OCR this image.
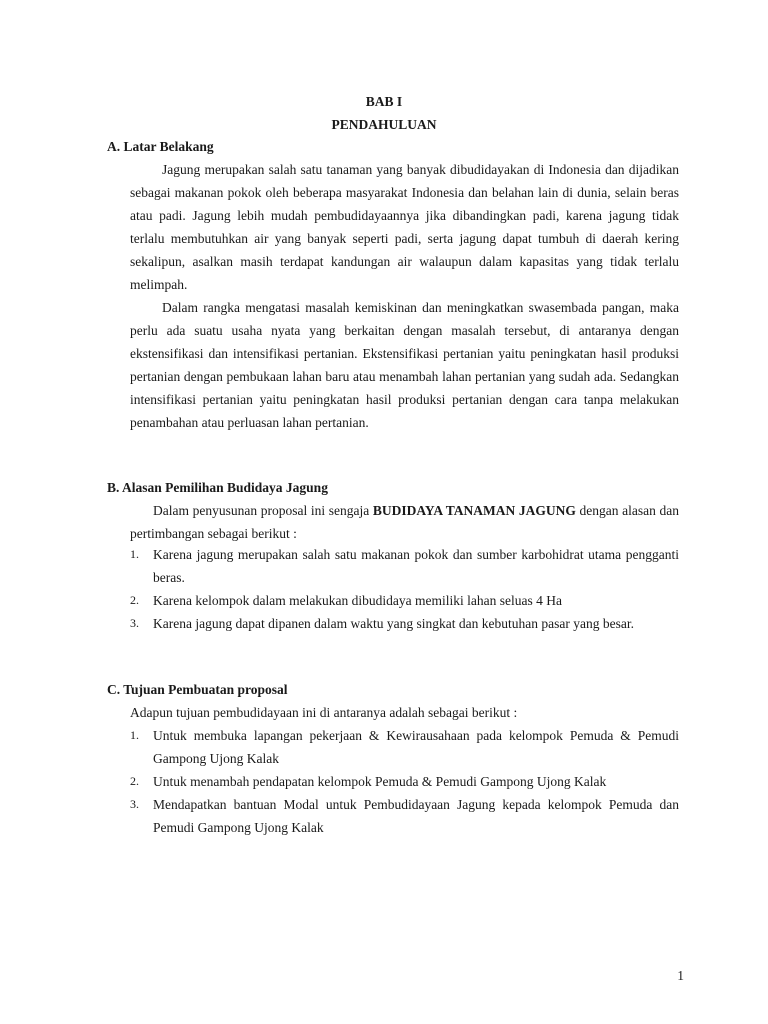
BAB I
PENDAHULUAN
A. Latar Belakang

Jagung merupakan salah satu tanaman yang banyak dibudidayakan di Indonesia dan dijadikan sebagai makanan pokok oleh beberapa masyarakat Indonesia dan belahan lain di dunia, selain beras atau padi. Jagung lebih mudah pembudidayaannya jika dibandingkan padi, karena jagung tidak terlalu membutuhkan air yang banyak seperti padi, serta jagung dapat tumbuh di daerah kering sekalipun, asalkan masih terdapat kandungan air walaupun dalam kapasitas yang tidak terlalu melimpah.

Dalam rangka mengatasi masalah kemiskinan dan meningkatkan swasembada pangan, maka perlu ada suatu usaha nyata yang berkaitan dengan masalah tersebut, di antaranya dengan ekstensifikasi dan intensifikasi pertanian. Ekstensifikasi pertanian yaitu peningkatan hasil produksi pertanian dengan pembukaan lahan baru atau menambah lahan pertanian yang sudah ada. Sedangkan intensifikasi pertanian yaitu peningkatan hasil produksi pertanian dengan cara tanpa melakukan penambahan atau perluasan lahan pertanian.

B. Alasan Pemilihan Budidaya Jagung
Dalam penyusunan proposal ini sengaja BUDIDAYA TANAMAN JAGUNG dengan alasan dan pertimbangan sebagai berikut :
1. Karena jagung merupakan salah satu makanan pokok dan sumber karbohidrat utama pengganti beras.
2. Karena kelompok dalam melakukan dibudidaya memiliki lahan seluas 4 Ha
3. Karena jagung dapat dipanen dalam waktu yang singkat dan kebutuhan pasar yang besar.
C. Tujuan Pembuatan proposal
Adapun tujuan pembudidayaan ini di antaranya adalah sebagai berikut :
1. Untuk membuka lapangan pekerjaan & Kewirausahaan pada kelompok Pemuda & Pemudi Gampong Ujong Kalak
2. Untuk menambah pendapatan kelompok Pemuda & Pemudi Gampong Ujong Kalak
3. Mendapatkan bantuan Modal untuk Pembudidayaan Jagung kepada kelompok Pemuda dan Pemudi Gampong Ujong Kalak
1
